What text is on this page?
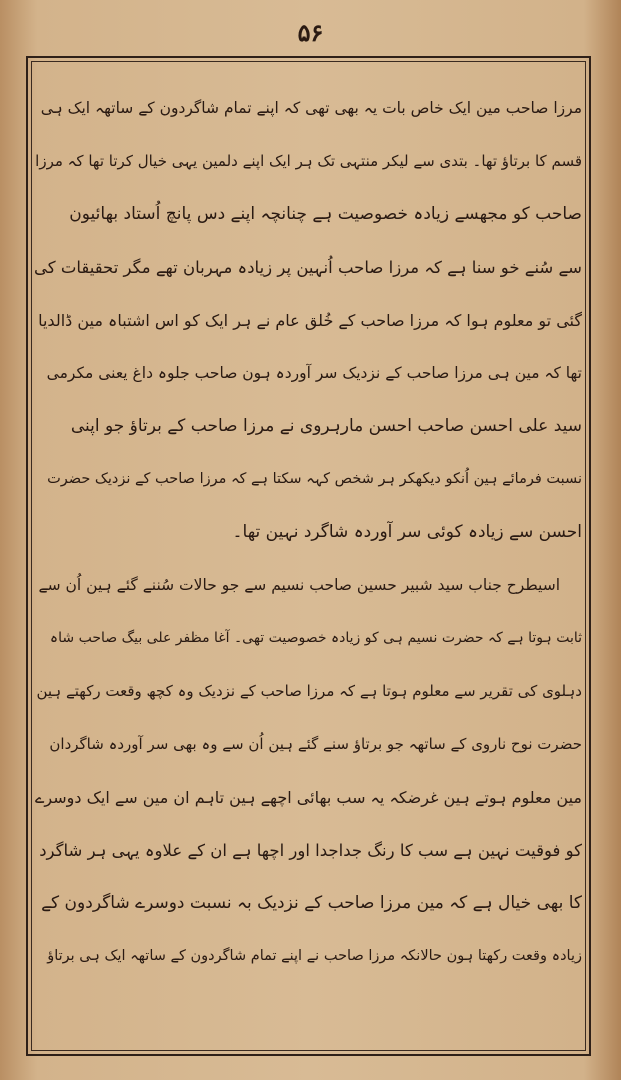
۵۶
مرزا صاحب مین ایک خاص بات یہ بھی تھی کہ اپنے تمام شاگردون کے ساتھہ ایک ہی
قسم کا برتاؤ تھا۔ بتدی سے لیکر منتہی تک ہر ایک اپنے دلمین یہی خیال کرتا تھا کہ مرزا
صاحب کو مجھسے زیادہ خصوصیت ہے چنانچہ اپنے دس پانچ اُستاد بھائیون
سے سُنے خو سنا ہے کہ مرزا صاحب اُنہین پر زیادہ مہربان تھے مگر تحقیقات کی
گئی تو معلوم ہوا کہ مرزا صاحب کے خُلق عام نے ہر ایک کو اس اشتباہ مین ڈالدیا
تھا کہ مین ہی مرزا صاحب کے نزدیک سر آوردہ ہون صاحب جلوہ داغ یعنی مکرمی
سید علی احسن صاحب احسن مارہروی نے مرزا صاحب کے برتاؤ جو اپنی
نسبت فرمائے ہین اُنکو دیکھکر ہر شخص کہہ سکتا ہے کہ مرزا صاحب کے نزدیک حضرت
احسن سے زیادہ کوئی سر آوردہ شاگرد نہین تھا۔
اسیطرح جناب سید شبیر حسین صاحب نسیم سے جو حالات سُننے گئے ہین اُن سے
ثابت ہوتا ہے کہ حضرت نسیم ہی کو زیادہ خصوصیت تھی۔ آغا مظفر علی بیگ صاحب شاہ
دہلوی کی تقریر سے معلوم ہوتا ہے کہ مرزا صاحب کے نزدیک وہ کچھ وقعت رکھتے ہین
حضرت نوح ناروی کے ساتھہ جو برتاؤ سنے گئے ہین اُن سے وہ بھی سر آوردہ شاگردان
مین معلوم ہوتے ہین غرضکہ یہ سب بھائی اچھے ہین تاہم ان مین سے ایک دوسرے
کو فوقیت نہین ہے سب کا رنگ جداجدا اور اچھا ہے ان کے علاوہ یہی ہر شاگرد
کا بھی خیال ہے کہ مین مرزا صاحب کے نزدیک بہ نسبت دوسرے شاگردون کے
زیادہ وقعت رکھتا ہون حالانکہ مرزا صاحب نے اپنے تمام شاگردون کے ساتھہ ایک ہی برتاؤ
